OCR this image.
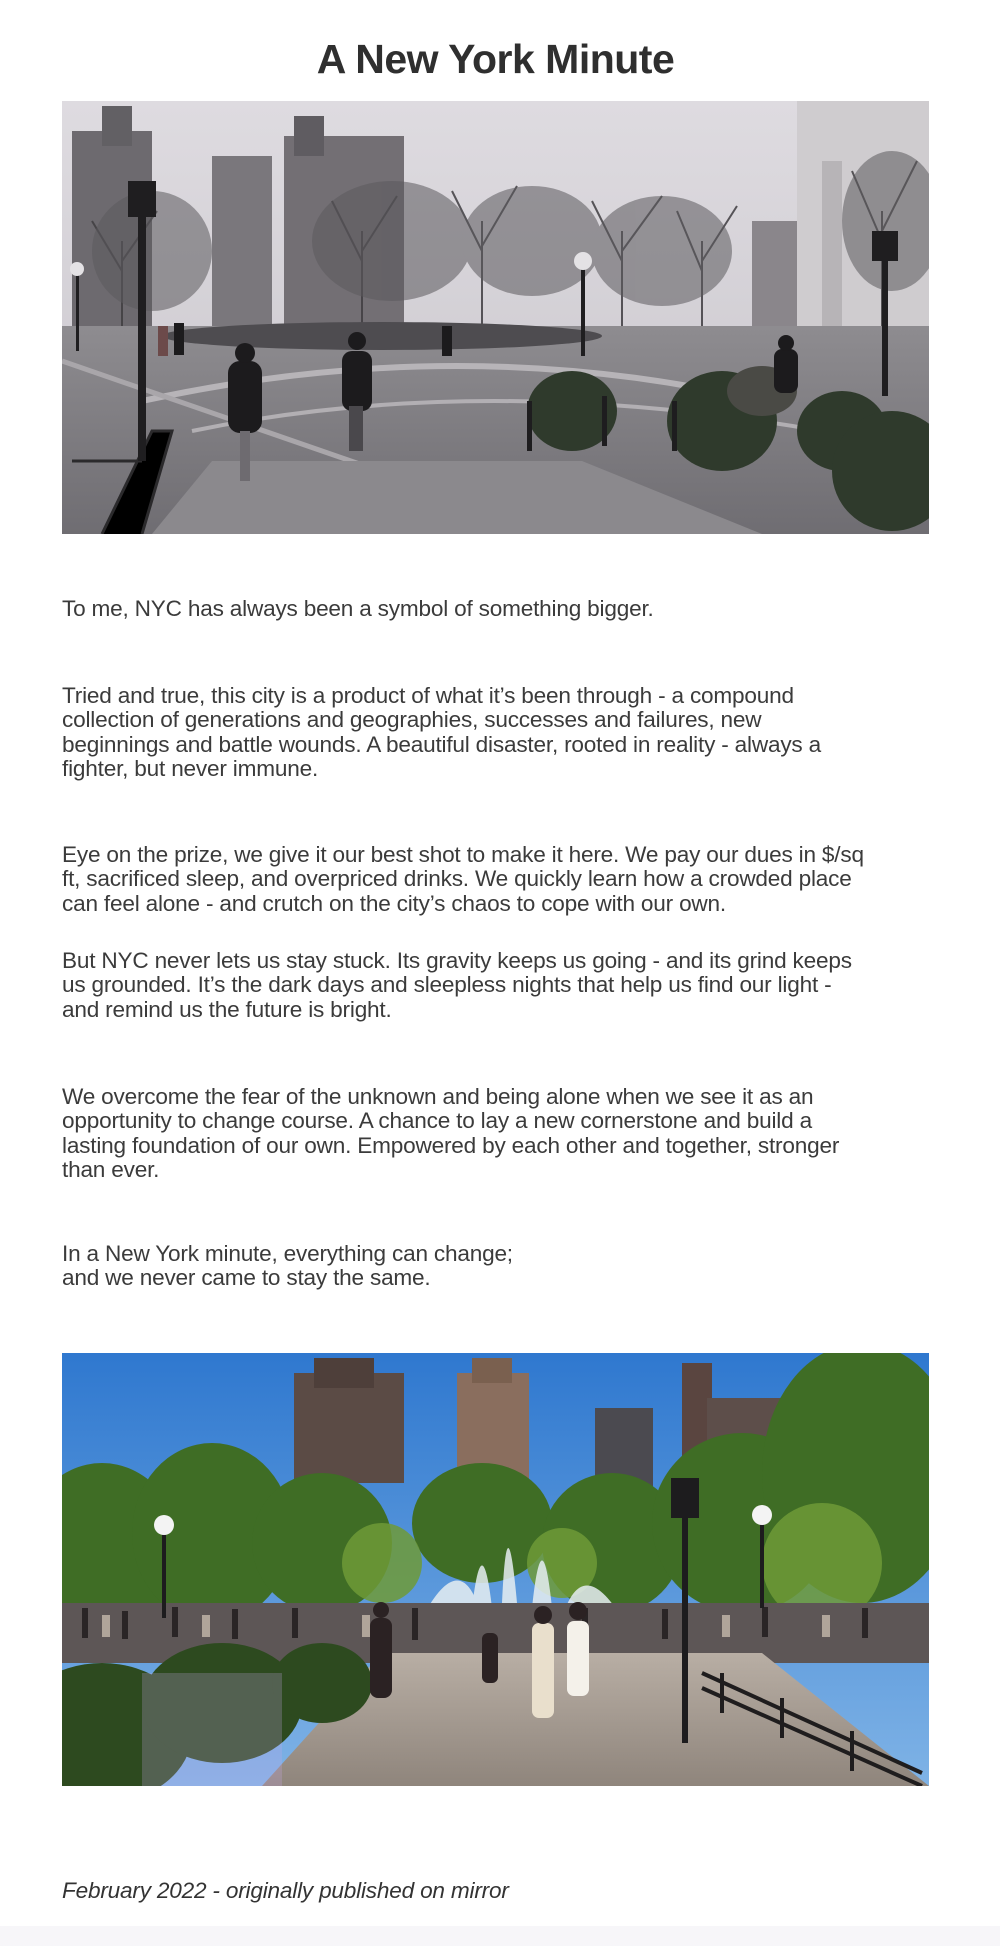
A New York Minute

To me, NYC has always been a symbol of something bigger.

Tried and true, this city is a product of what it’s been through - a compound
collection of generations and geographies, successes and failures, new
beginnings and battle wounds. A beautiful disaster, rooted in reality - always a
fighter, but never immune.

Eye on the prize, we give it our best shot to make it here. We pay our dues in $/sq
ft, sacrificed sleep, and overpriced drinks. We quickly learn how a crowded place
can feel alone - and crutch on the city’s chaos to cope with our own.

But NYC never lets us stay stuck. Its gravity keeps us going - and its grind keeps
us grounded. It’s the dark days and sleepless nights that help us find our light -
and remind us the future is bright.

We overcome the fear of the unknown and being alone when we see it as an
opportunity to change course. A chance to lay a new cornerstone and build a
lasting foundation of our own. Empowered by each other and together, stronger
than ever.

In a New York minute, everything can change;
and we never came to stay the same.

February 2022 - originally published on mirror
